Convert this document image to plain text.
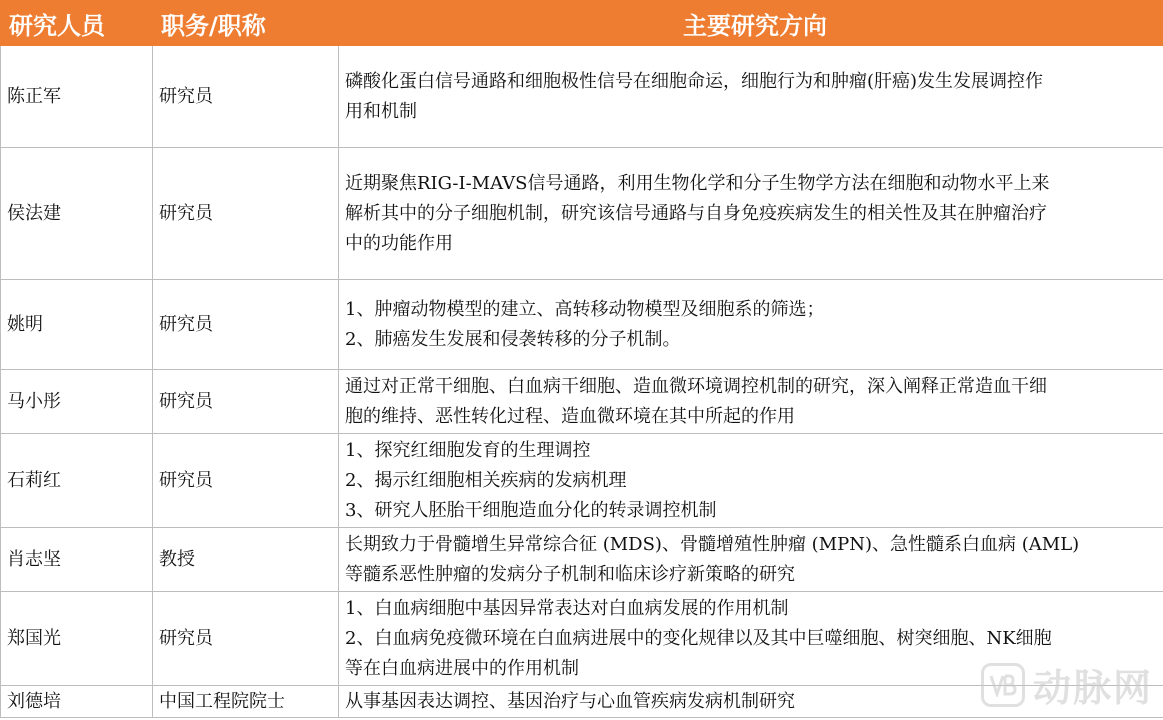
研究人员	职务/职称	主要研究方向
陈正军	研究员	磷酸化蛋白信号通路和细胞极性信号在细胞命运，细胞行为和肿瘤(肝癌)发生发展调控作
用和机制

侯法建	研究员	近期聚焦RIG-I-MAVS信号通路，利用生物化学和分子生物学方法在细胞和动物水平上来
解析其中的分子细胞机制，研究该信号通路与自身免疫疾病发生的相关性及其在肿瘤治疗
中的功能作用

姚明	研究员	1、肿瘤动物模型的建立、高转移动物模型及细胞系的筛选；
2、肺癌发生发展和侵袭转移的分子机制。

马小彤	研究员	通过对正常干细胞、白血病干细胞、造血微环境调控机制的研究，深入阐释正常造血干细
胞的维持、恶性转化过程、造血微环境在其中所起的作用

石莉红	研究员	1、探究红细胞发育的生理调控
2、揭示红细胞相关疾病的发病机理
3、研究人胚胎干细胞造血分化的转录调控机制

肖志坚	教授	长期致力于骨髓增生异常综合征 (MDS)、骨髓增殖性肿瘤 (MPN)、急性髓系白血病 (AML)
等髓系恶性肿瘤的发病分子机制和临床诊疗新策略的研究

郑国光	研究员	1、白血病细胞中基因异常表达对白血病发展的作用机制
2、白血病免疫微环境在白血病进展中的变化规律以及其中巨噬细胞、树突细胞、NK细胞
等在白血病进展中的作用机制

刘德培	中国工程院院士	从事基因表达调控、基因治疗与心血管疾病发病机制研究	动脉网
